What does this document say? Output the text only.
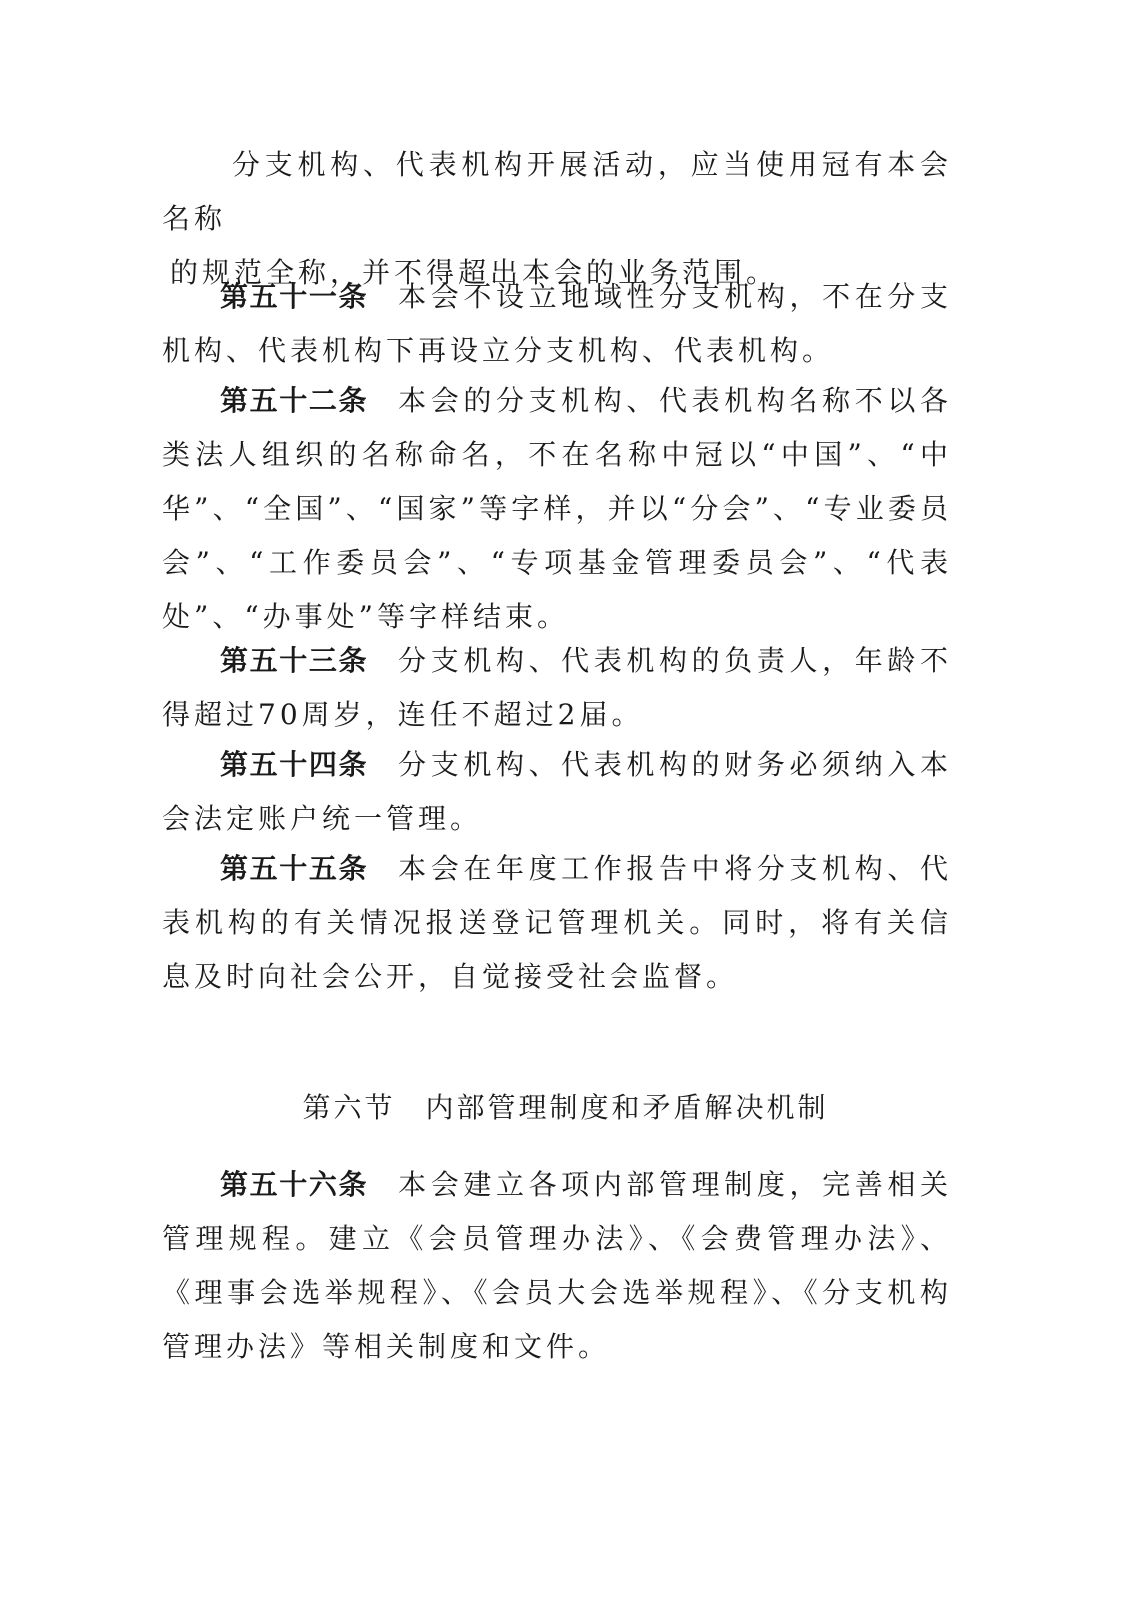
分支机构、代表机构开展活动，应当使用冠有本会名称
的规范全称，并不得超出本会的业务范围。

第五十一条 本会不设立地域性分支机构，不在分支机构、代表机构下再设立分支机构、代表机构。

第五十二条 本会的分支机构、代表机构名称不以各类法人组织的名称命名，不在名称中冠以“中国”、“中华”、“全国”、“国家”等字样，并以“分会”、“专业委员会”、“工作委员会”、“专项基金管理委员会”、“代表处”、“办事处”等字样结束。

第五十三条 分支机构、代表机构的负责人，年龄不得超过70周岁，连任不超过2届。

第五十四条 分支机构、代表机构的财务必须纳入本会法定账户统一管理。

第五十五条 本会在年度工作报告中将分支机构、代表机构的有关情况报送登记管理机关。同时，将有关信息及时向社会公开，自觉接受社会监督。

第六节 内部管理制度和矛盾解决机制

第五十六条 本会建立各项内部管理制度，完善相关管理规程。建立《会员管理办法》、《会费管理办法》、《理事会选举规程》、《会员大会选举规程》、《分支机构管理办法》等相关制度和文件。
